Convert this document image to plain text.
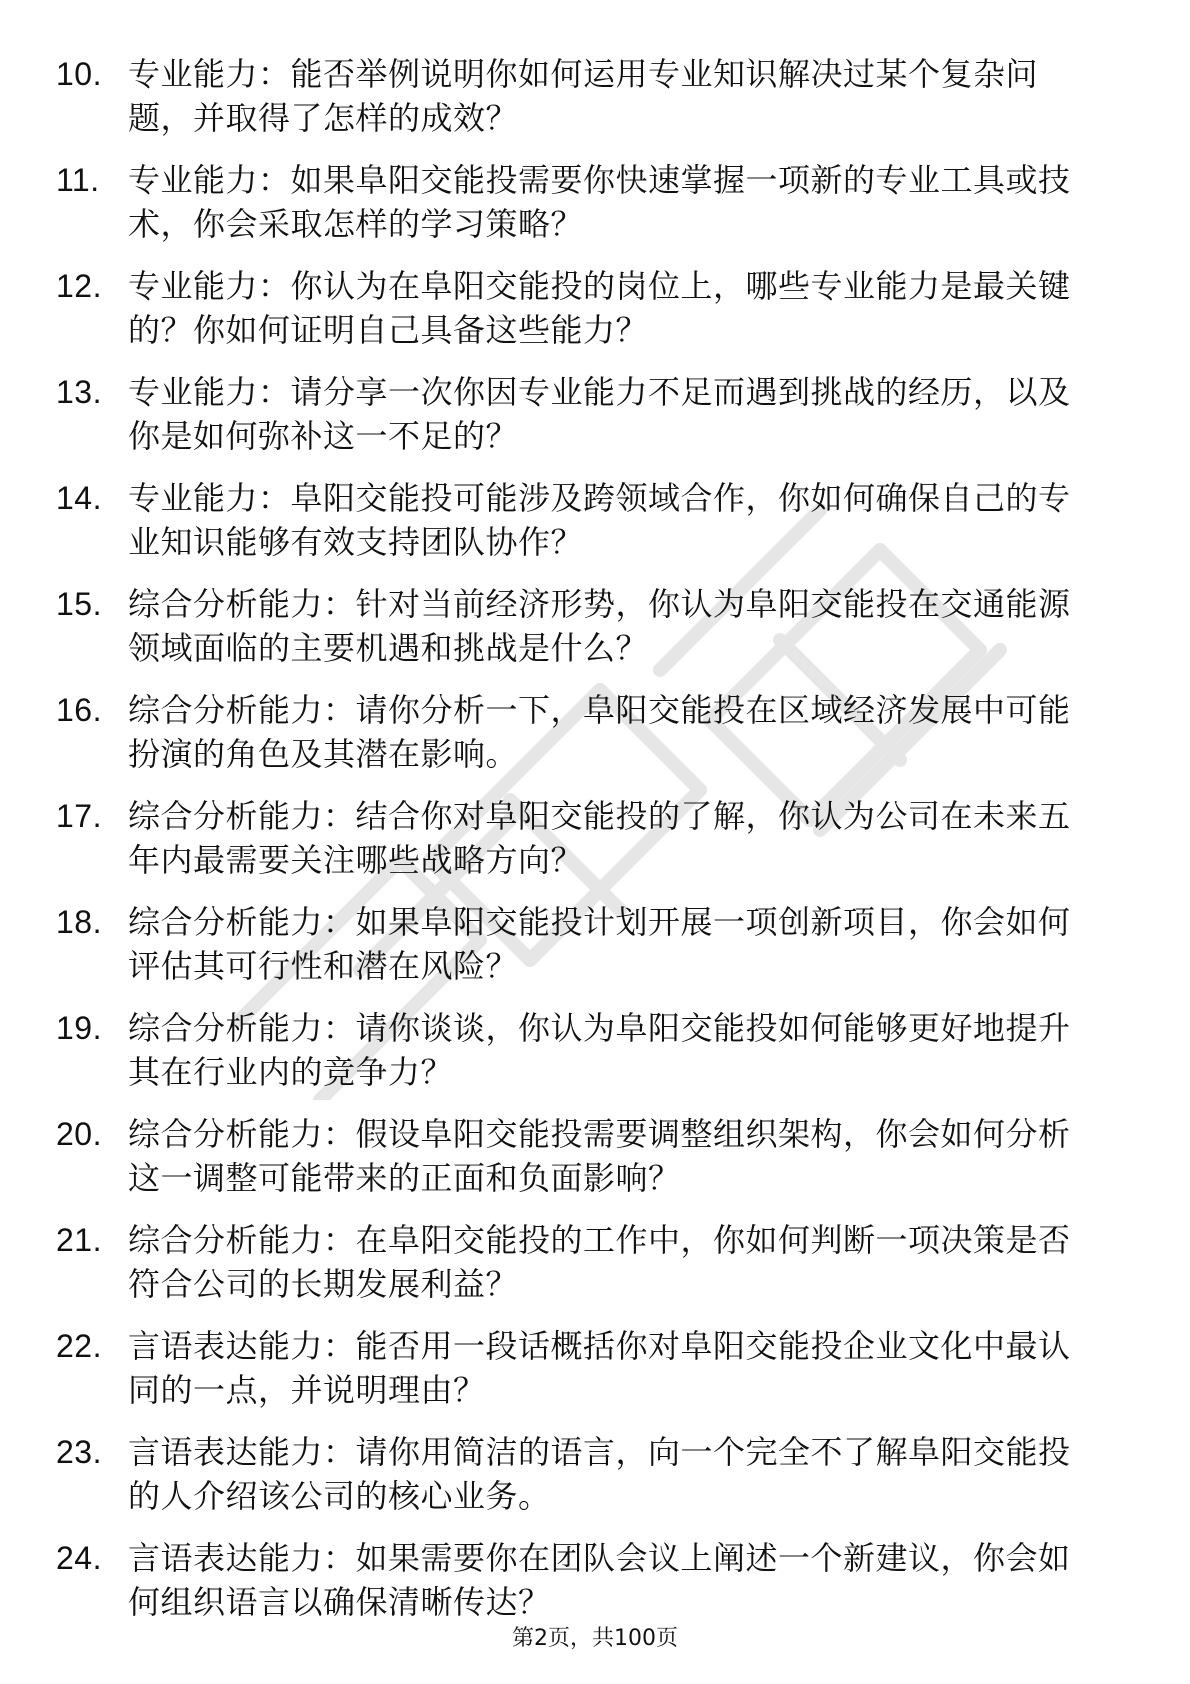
10. 专业能力：能否举例说明你如何运用专业知识解决过某个复杂问题，并取得了怎样的成效？
11. 专业能力：如果阜阳交能投需要你快速掌握一项新的专业工具或技术，你会采取怎样的学习策略？
12. 专业能力：你认为在阜阳交能投的岗位上，哪些专业能力是最关键的？你如何证明自己具备这些能力？
13. 专业能力：请分享一次你因专业能力不足而遇到挑战的经历，以及你是如何弥补这一不足的？
14. 专业能力：阜阳交能投可能涉及跨领域合作，你如何确保自己的专业知识能够有效支持团队协作？
15. 综合分析能力：针对当前经济形势，你认为阜阳交能投在交通能源领域面临的主要机遇和挑战是什么？
16. 综合分析能力：请你分析一下，阜阳交能投在区域经济发展中可能扮演的角色及其潜在影响。
17. 综合分析能力：结合你对阜阳交能投的了解，你认为公司在未来五年内最需要关注哪些战略方向？
18. 综合分析能力：如果阜阳交能投计划开展一项创新项目，你会如何评估其可行性和潜在风险？
19. 综合分析能力：请你谈谈，你认为阜阳交能投如何能够更好地提升其在行业内的竞争力？
20. 综合分析能力：假设阜阳交能投需要调整组织架构，你会如何分析这一调整可能带来的正面和负面影响？
21. 综合分析能力：在阜阳交能投的工作中，你如何判断一项决策是否符合公司的长期发展利益？
22. 言语表达能力：能否用一段话概括你对阜阳交能投企业文化中最认同的一点，并说明理由？
23. 言语表达能力：请你用简洁的语言，向一个完全不了解阜阳交能投的人介绍该公司的核心业务。
24. 言语表达能力：如果需要你在团队会议上阐述一个新建议，你会如何组织语言以确保清晰传达？
第2页，共100页
